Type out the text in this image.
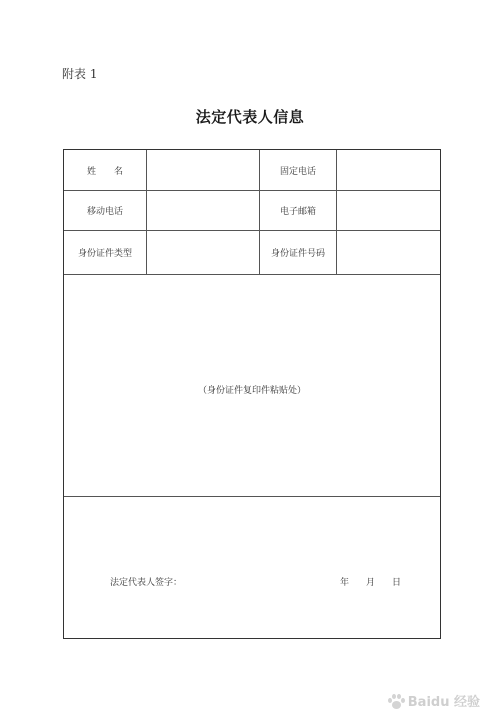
附表 1
法定代表人信息
姓　　名	固定电话
移动电话	电子邮箱
身份证件类型	身份证件号码
（身份证件复印件粘贴处）
法定代表人签字：	年 月 日
Baidu 经验
